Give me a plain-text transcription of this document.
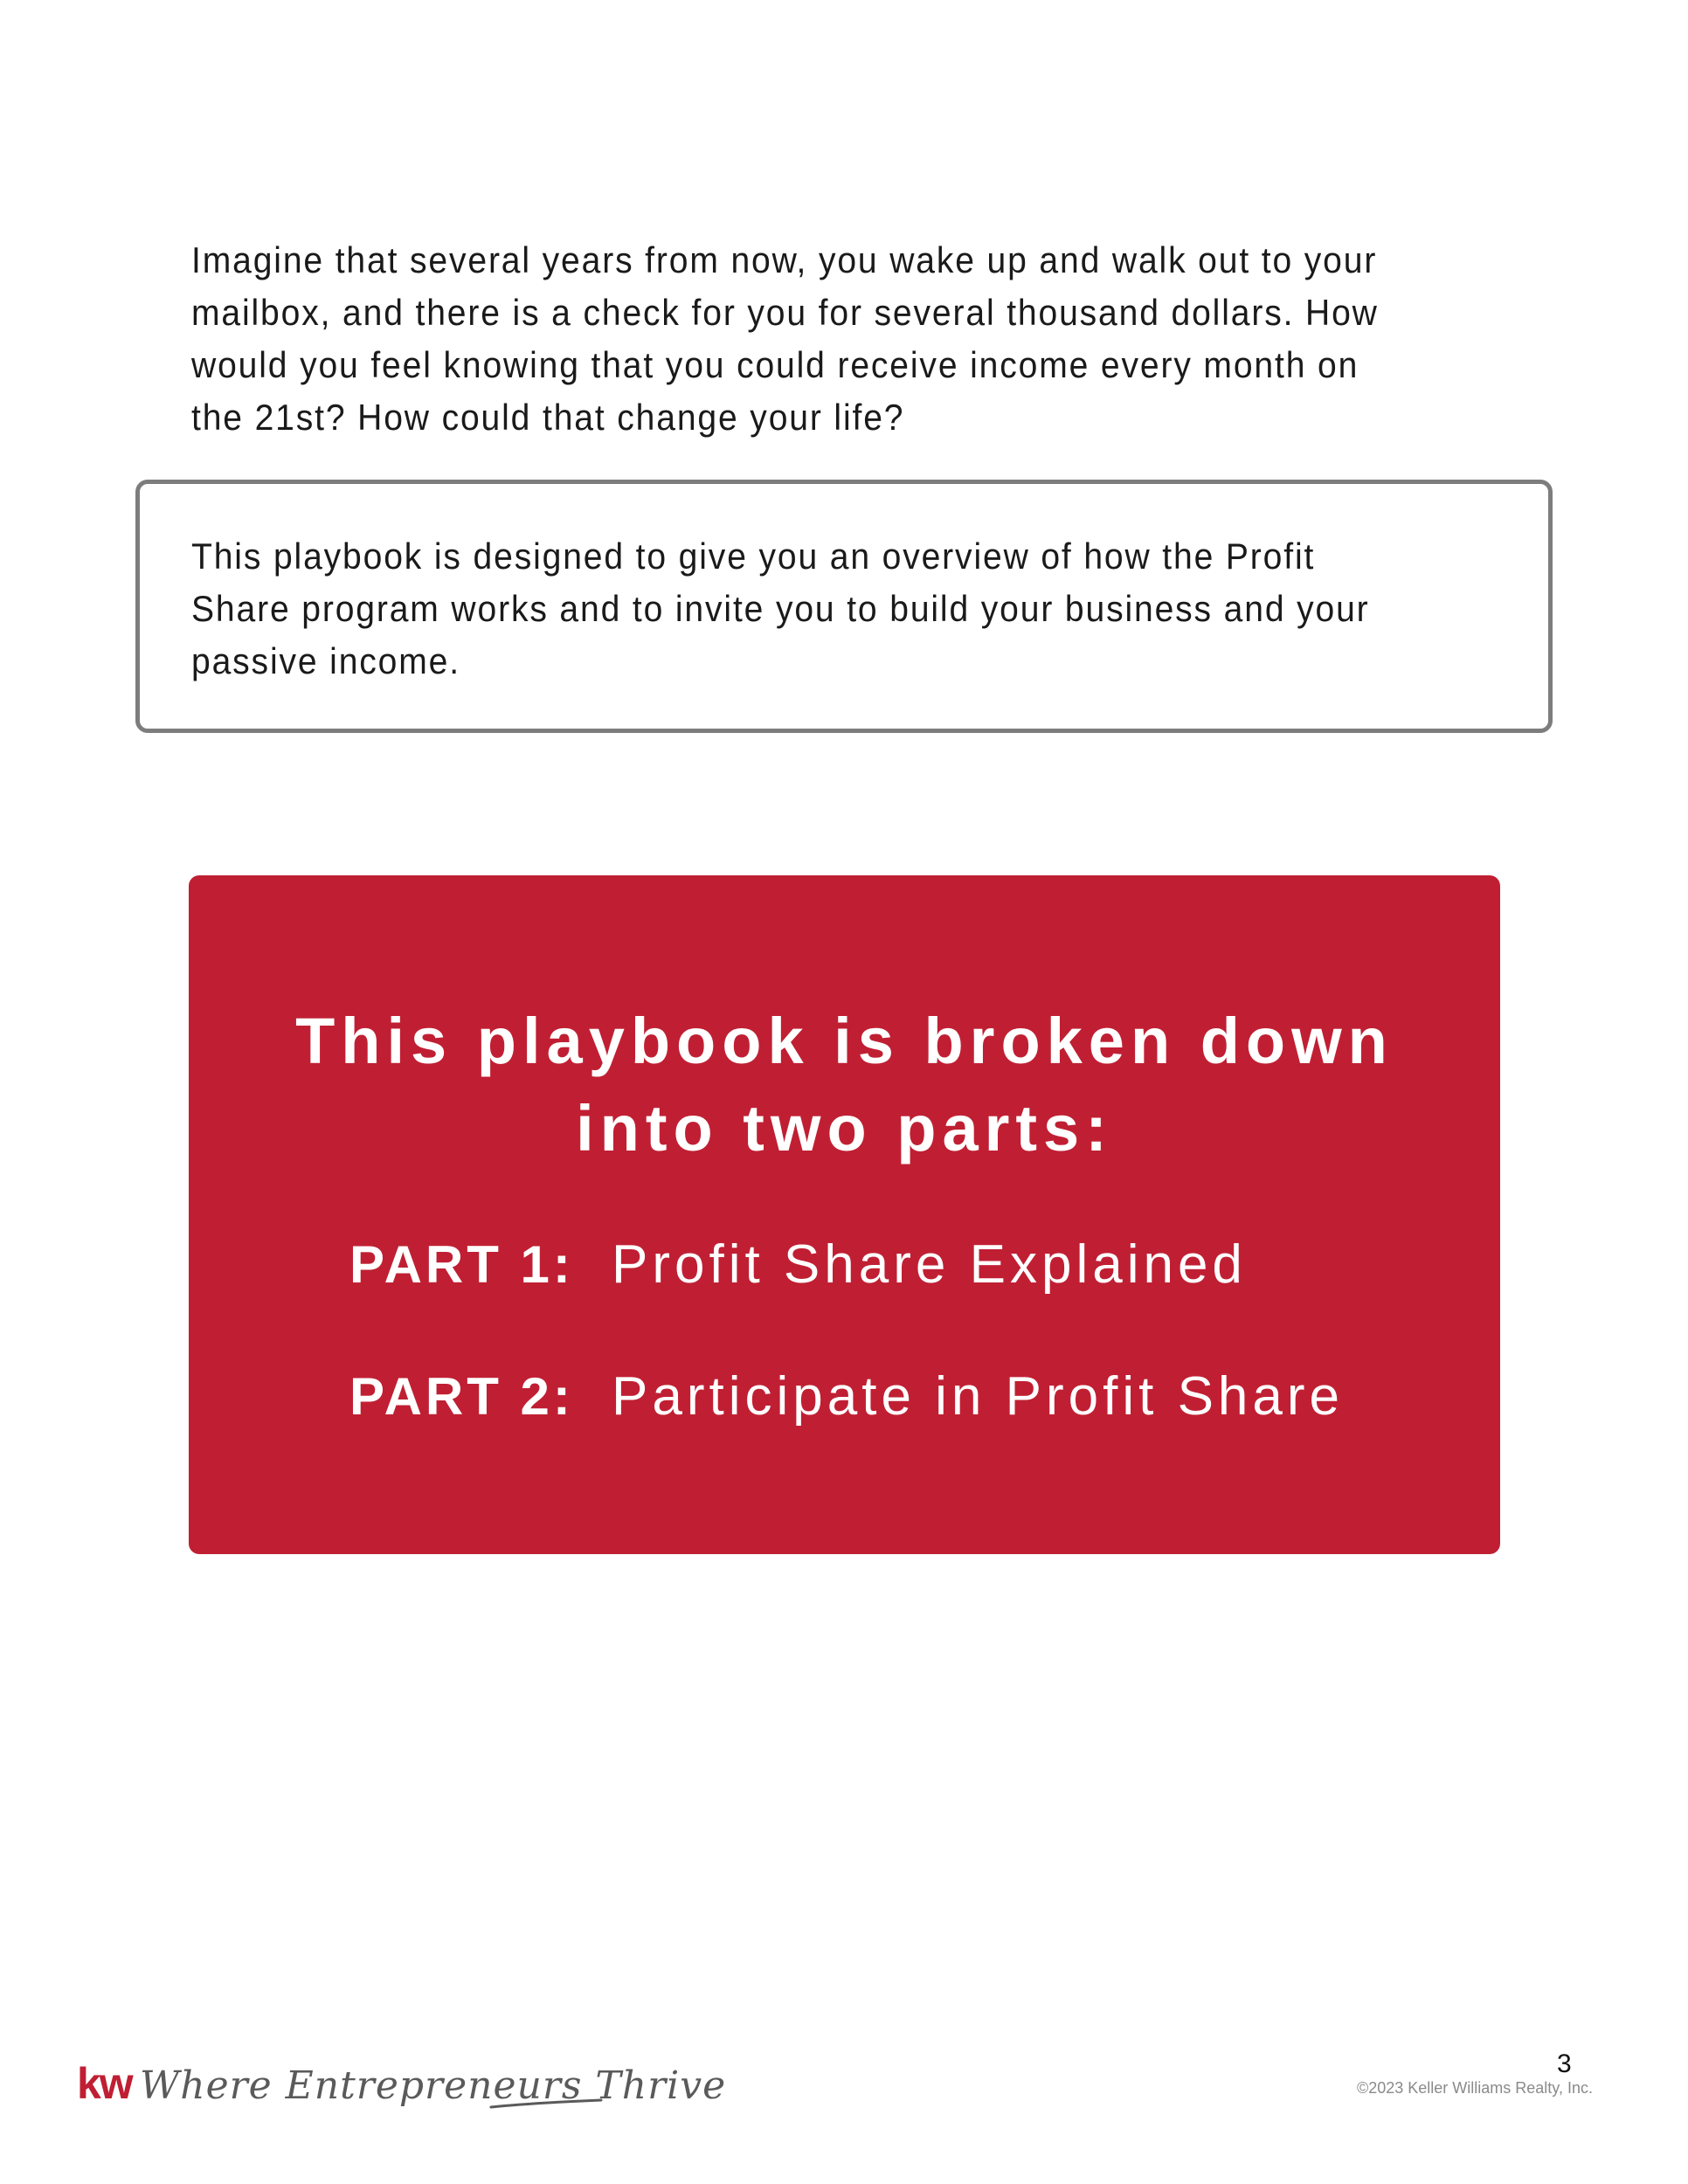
Imagine that several years from now, you wake up and walk out to your mailbox, and there is a check for you for several thousand dollars. How would you feel knowing that you could receive income every month on the 21st? How could that change your life?

This playbook is designed to give you an overview of how the Profit Share program works and to invite you to build your business and your passive income.

This playbook is broken down
into two parts:
PART 1: Profit Share Explained
PART 2: Participate in Profit Share
kw Where Entrepreneurs Thrive	3
©2023 Keller Williams Realty, Inc.
